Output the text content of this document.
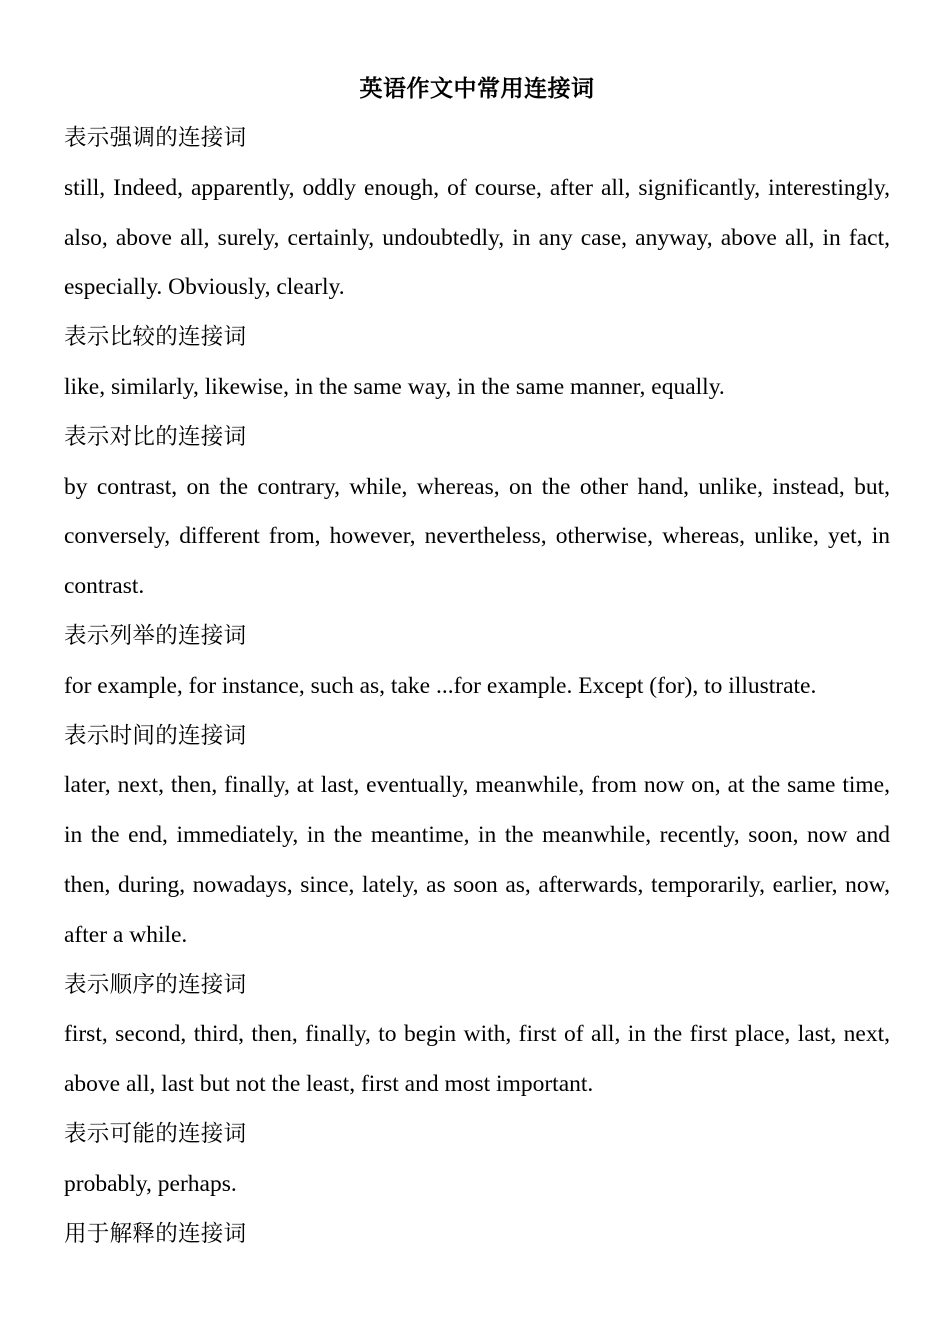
英语作文中常用连接词

表示强调的连接词

still, Indeed, apparently, oddly enough, of course, after all, significantly, interestingly, also, above all, surely, certainly, undoubtedly, in any case, anyway, above all, in fact, especially. Obviously, clearly.

表示比较的连接词

like, similarly, likewise, in the same way, in the same manner, equally.

表示对比的连接词

by contrast, on the contrary, while, whereas, on the other hand, unlike, instead, but, conversely, different from, however, nevertheless, otherwise, whereas, unlike, yet, in contrast.

表示列举的连接词

for example, for instance, such as, take ...for example. Except (for), to illustrate.

表示时间的连接词

later, next, then, finally, at last, eventually, meanwhile, from now on, at the same time, in the end, immediately, in the meantime, in the meanwhile, recently, soon, now and then, during, nowadays, since, lately, as soon as, afterwards, temporarily, earlier, now, after a while.

表示顺序的连接词

first, second, third, then, finally, to begin with, first of all, in the first place, last, next, above all, last but not the least, first and most important.

表示可能的连接词

probably, perhaps.

用于解释的连接词
